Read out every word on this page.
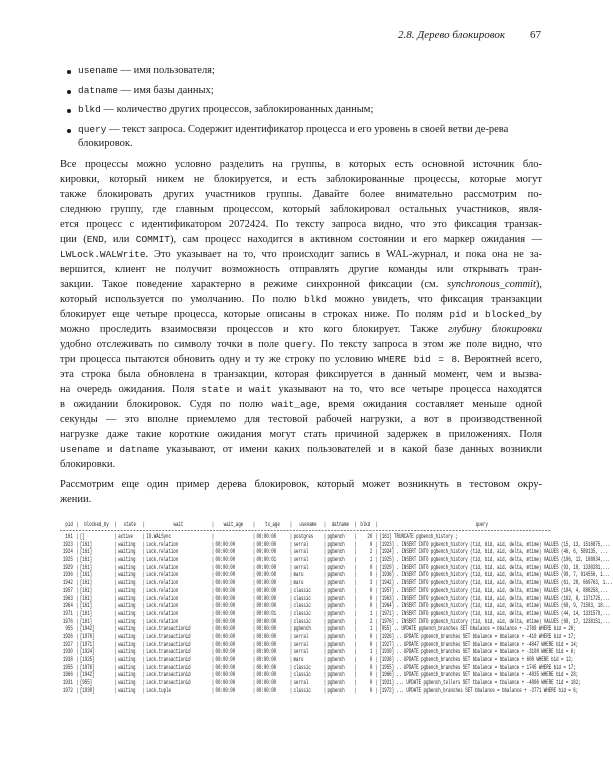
2.8. Дерево блокировок 67
usename — имя пользователя;
datname — имя базы данных;
blkd — количество других процессов, заблокированных данным;
query — текст запроса. Содержит идентификатор процесса и его уровень в своей ветви де-рева блокировок.
Все процессы можно условно разделить на группы, в которых есть основной источник бло-
кировки, который никем не блокируется, и есть заблокированные процессы, которые могут
также блокировать других участников группы. Давайте более внимательно рассмотрим по-
следнюю группу, где главным процессом, который заблокировал остальных участников, явля-
ется процесс с идентификатором 2072424. По тексту запроса видно, что это фиксация транзак-
ции (END, или COMMIT), сам процесс находится в активном состоянии и его маркер ожидания —
LWLock.WALWrite. Это указывает на то, что происходит запись в WAL-журнал, и пока она не за-
вершится, клиент не получит возможность отправлять другие команды или открывать тран-
закции. Такое поведение характерно в режиме синхронной фиксации (см. synchronous_commit),
который используется по умолчанию. По полю blkd можно увидеть, что фиксация транзакции
блокирует еще четыре процесса, которые описаны в строках ниже. По полям pid и blocked_by
можно проследить взаимосвязи процессов и кто кого блокирует. Также глубину блокировки
удобно отслеживать по символу точки в поле query. По тексту запроса в этом же поле видно, что
три процесса пытаются обновить одну и ту же строку по условию WHERE bid = 8. Вероятней всего,
эта строка была обновлена в транзакции, которая фиксируется в данный момент, чем и вызва-
на очередь ожидания. Поля state и wait указывают на то, что все четыре процесса находятся
в ожидании блокировок. Судя по полю wait_age, время ожидания составляет меньше одной
секунды — это вполне приемлемо для тестовой рабочей нагрузки, а вот в производственной
нагрузке даже такие короткие ожидания могут стать причиной задержек в приложениях. Поля
usename и datname указывают, от имени каких пользователей и в какой базе данных возникли
блокировки.
Рассмотрим еще один пример дерева блокировок, который может возникнуть в тестовом окру-
жении.
pid | blocked_by |	state	|	wait	|	wait_age	|	tx_age	|	usename	| datname | blkd |	query
161 | []	| active	| IO.WALSync	|	| 00:00:00	| postgres	| pgbench	|	20 | [161] TRUNCATE pgbench_history ;
1923 | [161]	| waiting	| Lock.relation	| 00:00:00	| 00:00:00	| serral	| pgbench	|	0 | [1923] . INSERT INTO pgbench_history (tid, bid, aid, delta, mtime) VALUES (15, 13, 1516875,...
1924 | [161]	| waiting	| Lock.relation	| 00:00:00	| 00:00:00	| serral	| pgbench	|	2 | [1924] . INSERT INTO pgbench_history (tid, bid, aid, delta, mtime) VALUES (46, 6, 589135, ...
1925 | [161]	| waiting	| Lock.relation	| 00:00:00	| 00:00:01	| serral	| pgbench	|	1 | [1925] . INSERT INTO pgbench_history (tid, bid, aid, delta, mtime) VALUES (106, 12, 188034,...
1929 | [161]	| waiting	| Lock.relation	| 00:00:00	| 00:00:00	| serral	| pgbench	|	0 | [1929] . INSERT INTO pgbench_history (tid, bid, aid, delta, mtime) VALUES (93, 18, 1330281,...
1936 | [161]	| waiting	| Lock.relation	| 00:00:00	| 00:00:00	| maru	| pgbench	|	0 | [1936] . INSERT INTO pgbench_history (tid, bid, aid, delta, mtime) VALUES (99, 7, 914556, 1...
1942 | [161]	| waiting	| Lock.relation	| 00:00:00	| 00:00:00	| maru	| pgbench	|	3 | [1942] . INSERT INTO pgbench_history (tid, bid, aid, delta, mtime) VALUES (61, 28, 669763, 1...
1957 | [161]	| waiting	| Lock.relation	| 00:00:00	| 00:00:00	| classic	| pgbench	|	0 | [1957] . INSERT INTO pgbench_history (tid, bid, aid, delta, mtime) VALUES (104, 4, 888258,...
1963 | [161]	| waiting	| Lock.relation	| 00:00:00	| 00:00:00	| classic	| pgbench	|	0 | [1963] . INSERT INTO pgbench_history (tid, bid, aid, delta, mtime) VALUES (162, 8, 1371725,...
1964 | [161]	| waiting	| Lock.relation	| 00:00:00	| 00:00:00	| classic	| pgbench	|	0 | [1964] . INSERT INTO pgbench_history (tid, bid, aid, delta, mtime) VALUES (69, 9, 71583, 18...
1971 | [161]	| waiting	| Lock.relation	| 00:00:00	| 00:00:01	| classic	| pgbench	|	1 | [1971] . INSERT INTO pgbench_history (tid, bid, aid, delta, mtime) VALUES (44, 14, 1331579,...
1976 | [161]	| waiting	| Lock.relation	| 00:00:00	| 00:00:00	| classic	| pgbench	|	2 | [1976] . INSERT INTO pgbench_history (tid, bid, aid, delta, mtime) VALUES (68, 17, 1238151,...
955 | [1942]	| waiting	| Lock.transactionid	| 00:00:00	| 00:00:00	| pgbench	| pgbench	|	1 | [955] .. UPDATE pgbench_branches SET bbalance = bbalance + -2769 WHERE bid = 20;
1926 | [1976]	| waiting	| Lock.transactionid	| 00:00:00	| 00:00:00	| serral	| pgbench	|	0 | [1926] .. UPDATE pgbench_branches SET bbalance = bbalance + -410 WHERE bid = 17;
1927 | [1971]	| waiting	| Lock.transactionid	| 00:00:00	| 00:00:00	| serral	| pgbench	|	0 | [1927] .. UPDATE pgbench_branches SET bbalance = bbalance + -4847 WHERE bid = 14;
1930 | [1924]	| waiting	| Lock.transactionid	| 00:00:00	| 00:00:00	| serral	| pgbench	|	1 | [1930] .. UPDATE pgbench_branches SET bbalance = bbalance + -3108 WHERE bid = 6;
1938 | [1925]	| waiting	| Lock.transactionid	| 00:00:00	| 00:00:00	| maru	| pgbench	|	0 | [1938] .. UPDATE pgbench_branches SET bbalance = bbalance + 608 WHERE bid = 12;
1955 | [1976]	| waiting	| Lock.transactionid	| 00:00:00	| 00:00:00	| classic	| pgbench	|	0 | [1955] .. UPDATE pgbench_branches SET bbalance = bbalance + 1745 WHERE bid = 17;
1966 | [1942]	| waiting	| Lock.transactionid	| 00:00:00	| 00:00:00	| classic	| pgbench	|	0 | [1966] .. UPDATE pgbench_branches SET bbalance = bbalance + -4835 WHERE bid = 28;
1931 | [955]	| waiting	| Lock.transactionid	| 00:00:00	| 00:00:00	| serral	| pgbench	|	0 | [1931] ... UPDATE pgbench_tellers SET tbalance = tbalance + -4806 WHERE tid = 182;
1972 | [1930]	| waiting	| Lock.tuple	| 00:00:00	| 00:00:00	| classic	| pgbench	|	0 | [1972] ... UPDATE pgbench_branches SET bbalance = bbalance + -3771 WHERE bid = 6;
